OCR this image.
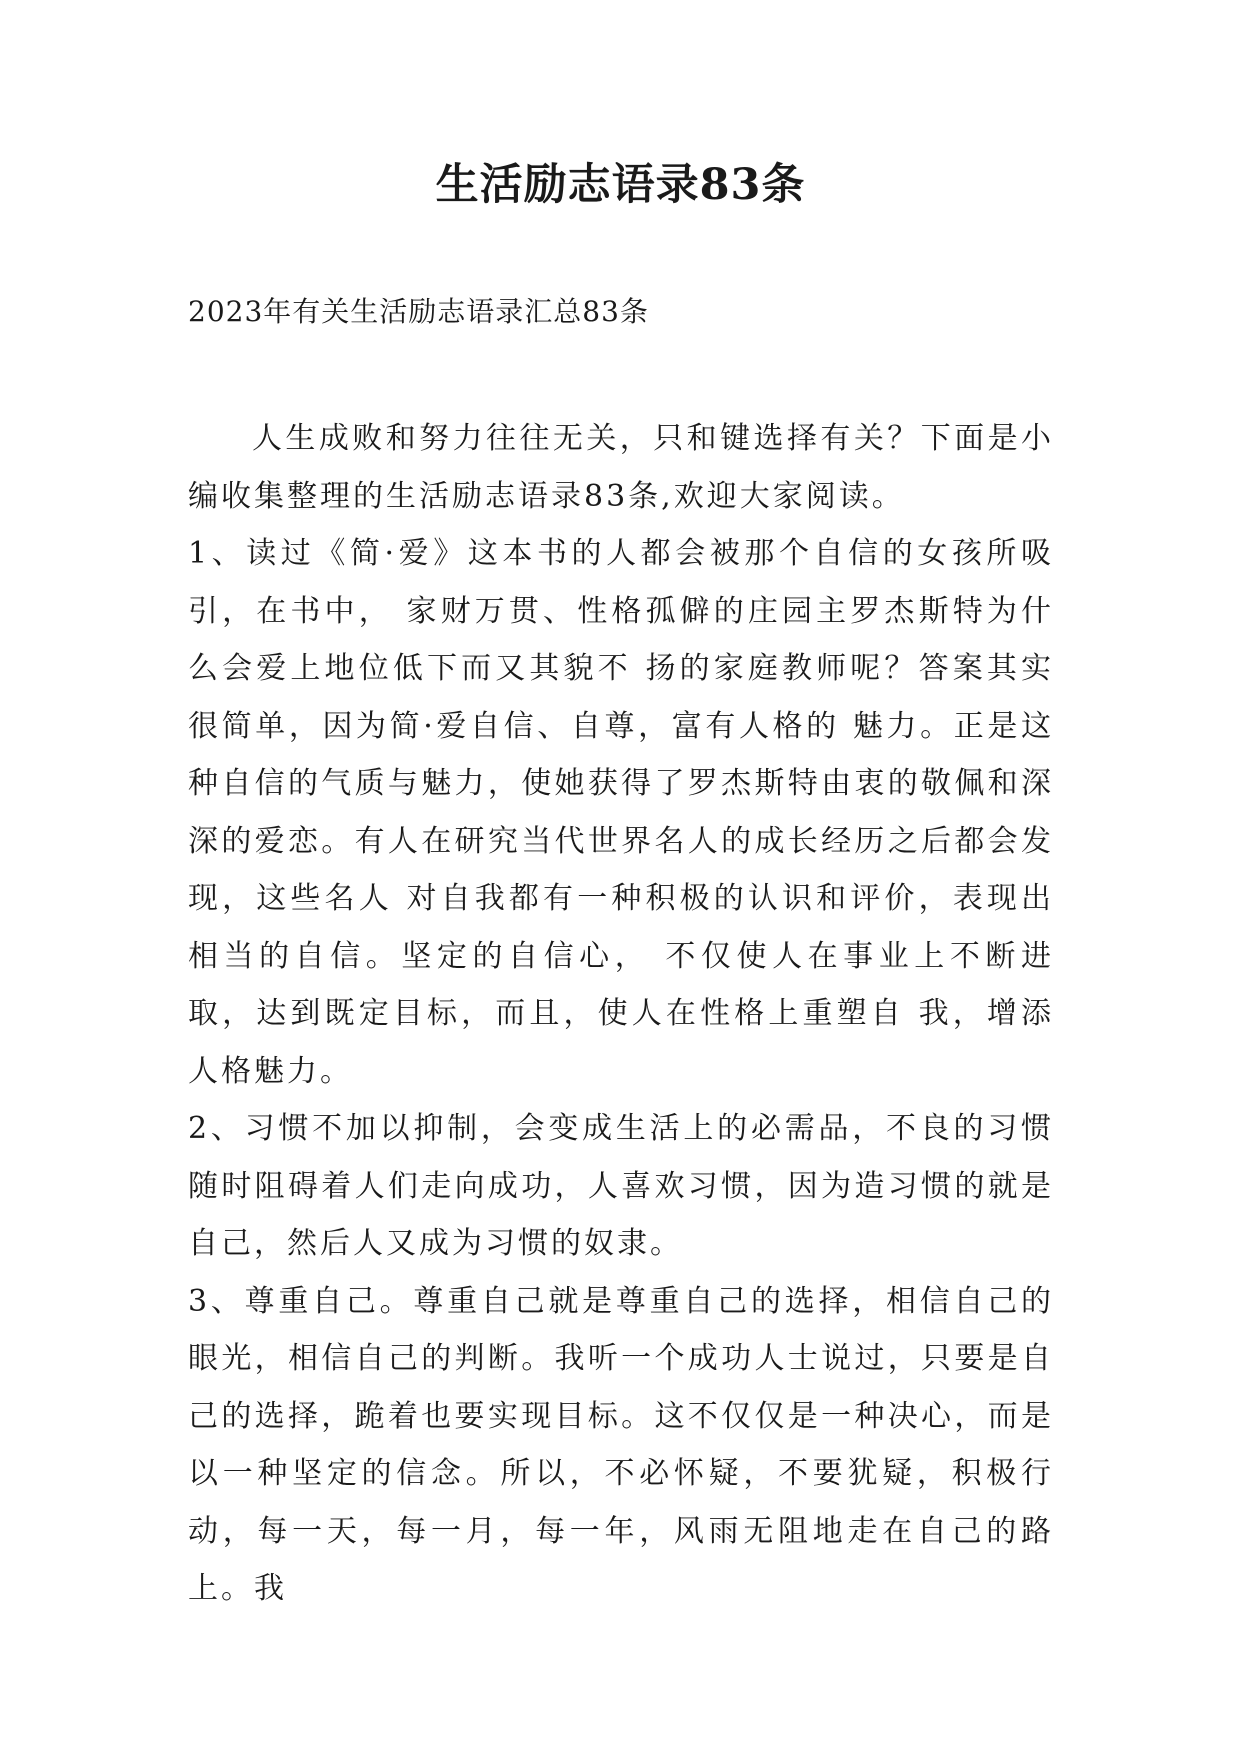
生活励志语录83条

2023年有关生活励志语录汇总83条

人生成败和努力往往无关，只和键选择有关？下面是小编收集整理的生活励志语录83条,欢迎大家阅读。

1、读过《简·爱》这本书的人都会被那个自信的女孩所吸引，在书中， 家财万贯、性格孤僻的庄园主罗杰斯特为什么会爱上地位低下而又其貌不 扬的家庭教师呢？答案其实很简单，因为简·爱自信、自尊，富有人格的 魅力。正是这种自信的气质与魅力，使她获得了罗杰斯特由衷的敬佩和深 深的爱恋。有人在研究当代世界名人的成长经历之后都会发现，这些名人 对自我都有一种积极的认识和评价，表现出相当的自信。坚定的自信心， 不仅使人在事业上不断进取，达到既定目标，而且，使人在性格上重塑自 我，增添人格魅力。

2、习惯不加以抑制，会变成生活上的必需品，不良的习惯随时阻碍着人们走向成功，人喜欢习惯，因为造习惯的就是自己，然后人又成为习惯的奴隶。

3、尊重自己。尊重自己就是尊重自己的选择，相信自己的眼光，相信自己的判断。我听一个成功人士说过，只要是自己的选择，跪着也要实现目标。这不仅仅是一种决心，而是以一种坚定的信念。所以，不必怀疑，不要犹疑，积极行动，每一天，每一月，每一年，风雨无阻地走在自己的路上。我
